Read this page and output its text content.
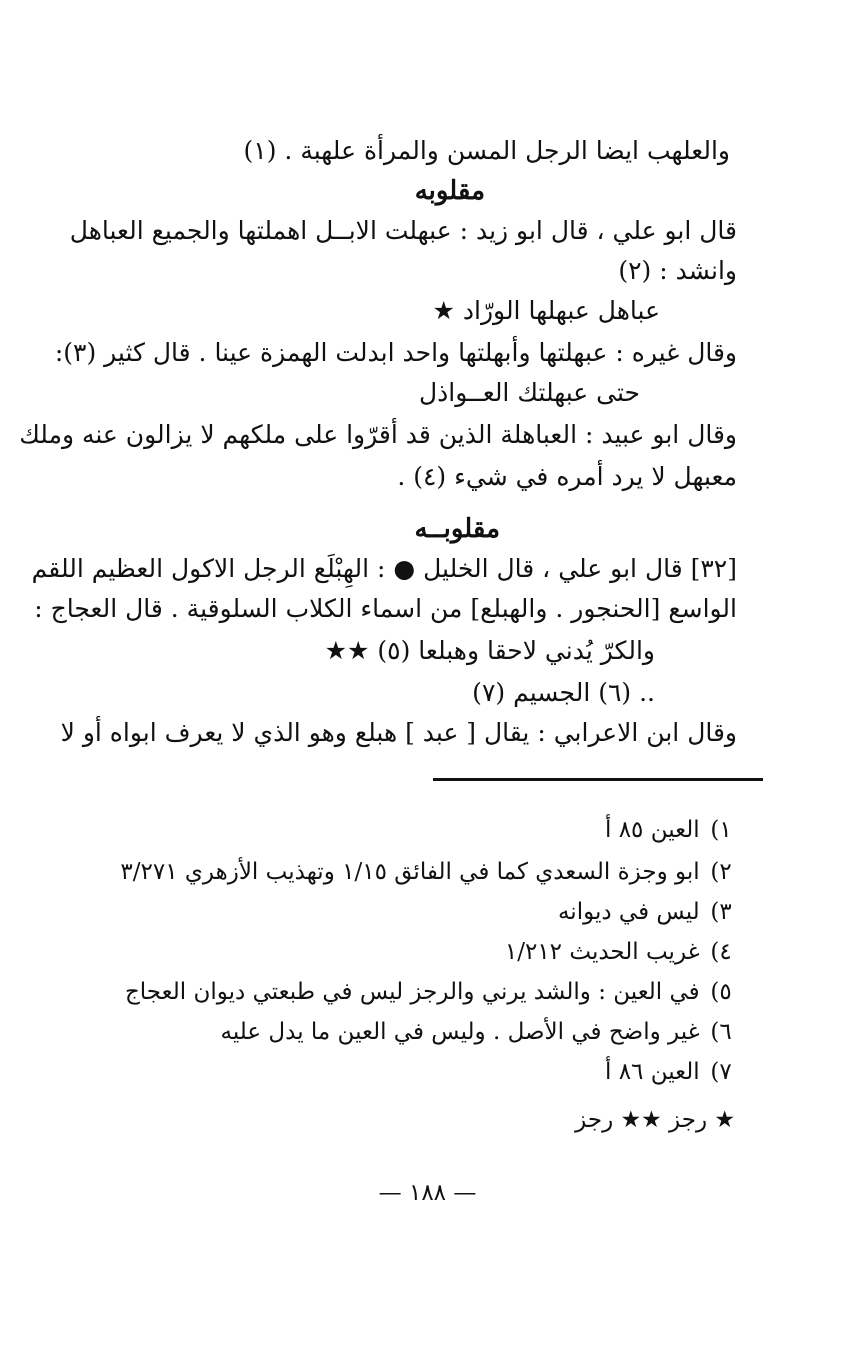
والعلهب ايضا الرجل المسن والمرأة علهبة . (١)
مقلوبه
قال ابو علي ، قال ابو زيد : عبهلت الابــل اهملتها والجميع العباهل
وانشد : (٢)
عباهل عبهلها الورّاد ★
وقال غيره : عبهلتها وأبهلتها واحد ابدلت الهمزة عينا . قال كثير (٣):
حتى عبهلتك العــواذل
وقال ابو عبيد : العباهلة الذين قد أقرّوا على ملكهم لا يزالون عنه وملك
معبهل لا يرد أمره في شيء (٤) .
مقلوبــه
[٣٢] قال ابو علي ، قال الخليل ● : الهِبْلَع الرجل الاكول العظيم اللقم
الواسع [الحنجور . والهبلع] من اسماء الكلاب السلوقية . قال العجاج :
والكرّ يُدني لاحقا وهبلعا (٥) ★★
.. (٦) الجسيم (٧)
وقال ابن الاعرابي : يقال [ عبد ] هبلع وهو الذي لا يعرف ابواه أو لا
١) العين ٨٥ أ
٢) ابو وجزة السعدي كما في الفائق ١/١٥ وتهذيب الأزهري ٣/٢٧١
٣) ليس في ديوانه
٤) غريب الحديث ١/٢١٢
٥) في العين : والشد يرني والرجز ليس في طبعتي ديوان العجاج
٦) غير واضح في الأصل . وليس في العين ما يدل عليه
٧) العين ٨٦ أ
★ رجز ★★ رجز
— ١٨٨ —
